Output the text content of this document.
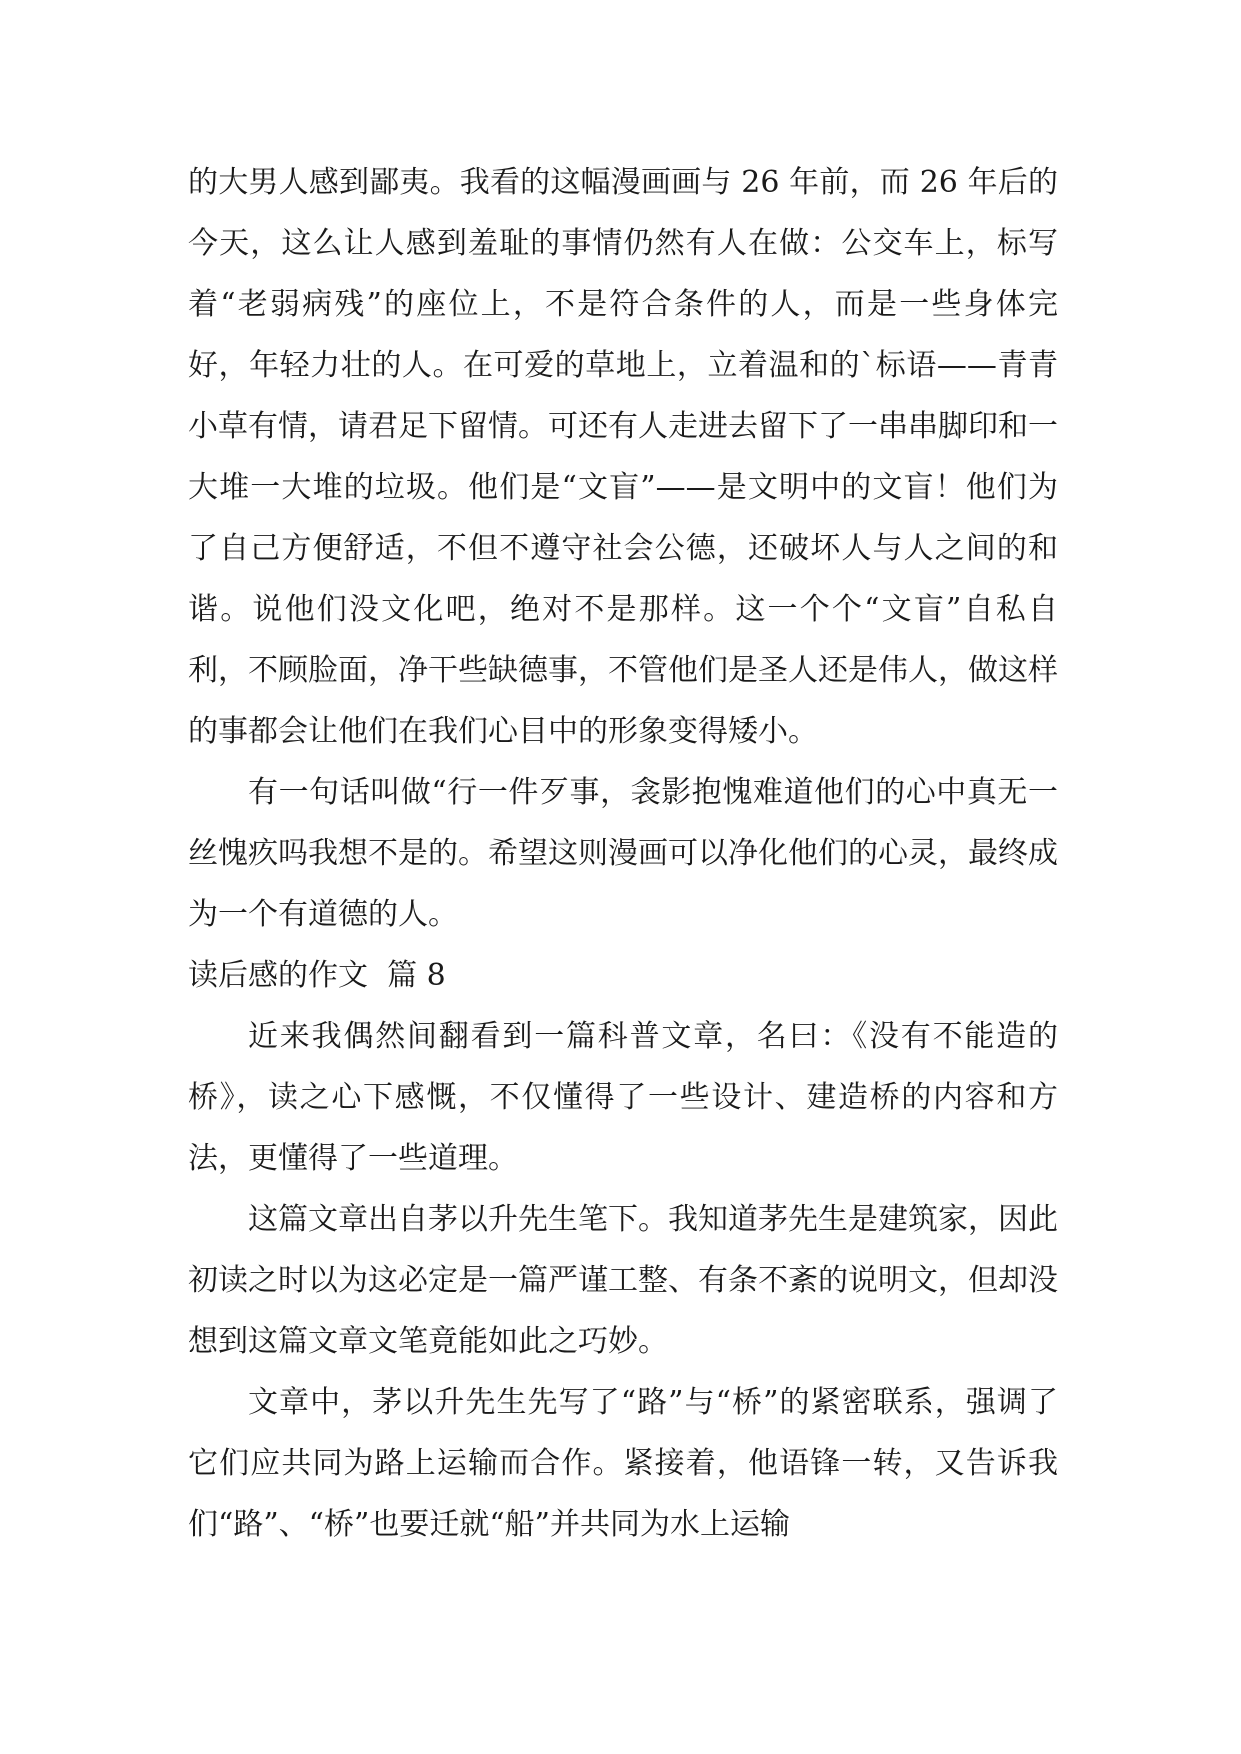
的大男人感到鄙夷。我看的这幅漫画画与 26 年前，而 26 年后的今天，这么让人感到羞耻的事情仍然有人在做：公交车上，标写着“老弱病残”的座位上，不是符合条件的人，而是一些身体完好，年轻力壮的人。在可爱的草地上，立着温和的`标语——青青小草有情，请君足下留情。可还有人走进去留下了一串串脚印和一大堆一大堆的垃圾。他们是“文盲”——是文明中的文盲！他们为了自己方便舒适，不但不遵守社会公德，还破坏人与人之间的和谐。说他们没文化吧，绝对不是那样。这一个个“文盲”自私自利，不顾脸面，净干些缺德事，不管他们是圣人还是伟人，做这样的事都会让他们在我们心目中的形象变得矮小。

有一句话叫做“行一件歹事，衾影抱愧难道他们的心中真无一丝愧疚吗我想不是的。希望这则漫画可以净化他们的心灵，最终成为一个有道德的人。

读后感的作文  篇 8

近来我偶然间翻看到一篇科普文章，名曰：《没有不能造的桥》，读之心下感慨，不仅懂得了一些设计、建造桥的内容和方法，更懂得了一些道理。

这篇文章出自茅以升先生笔下。我知道茅先生是建筑家，因此初读之时以为这必定是一篇严谨工整、有条不紊的说明文，但却没想到这篇文章文笔竟能如此之巧妙。

文章中，茅以升先生先写了“路”与“桥”的紧密联系，强调了它们应共同为路上运输而合作。紧接着，他语锋一转，又告诉我们“路”、“桥”也要迁就“船”并共同为水上运输
